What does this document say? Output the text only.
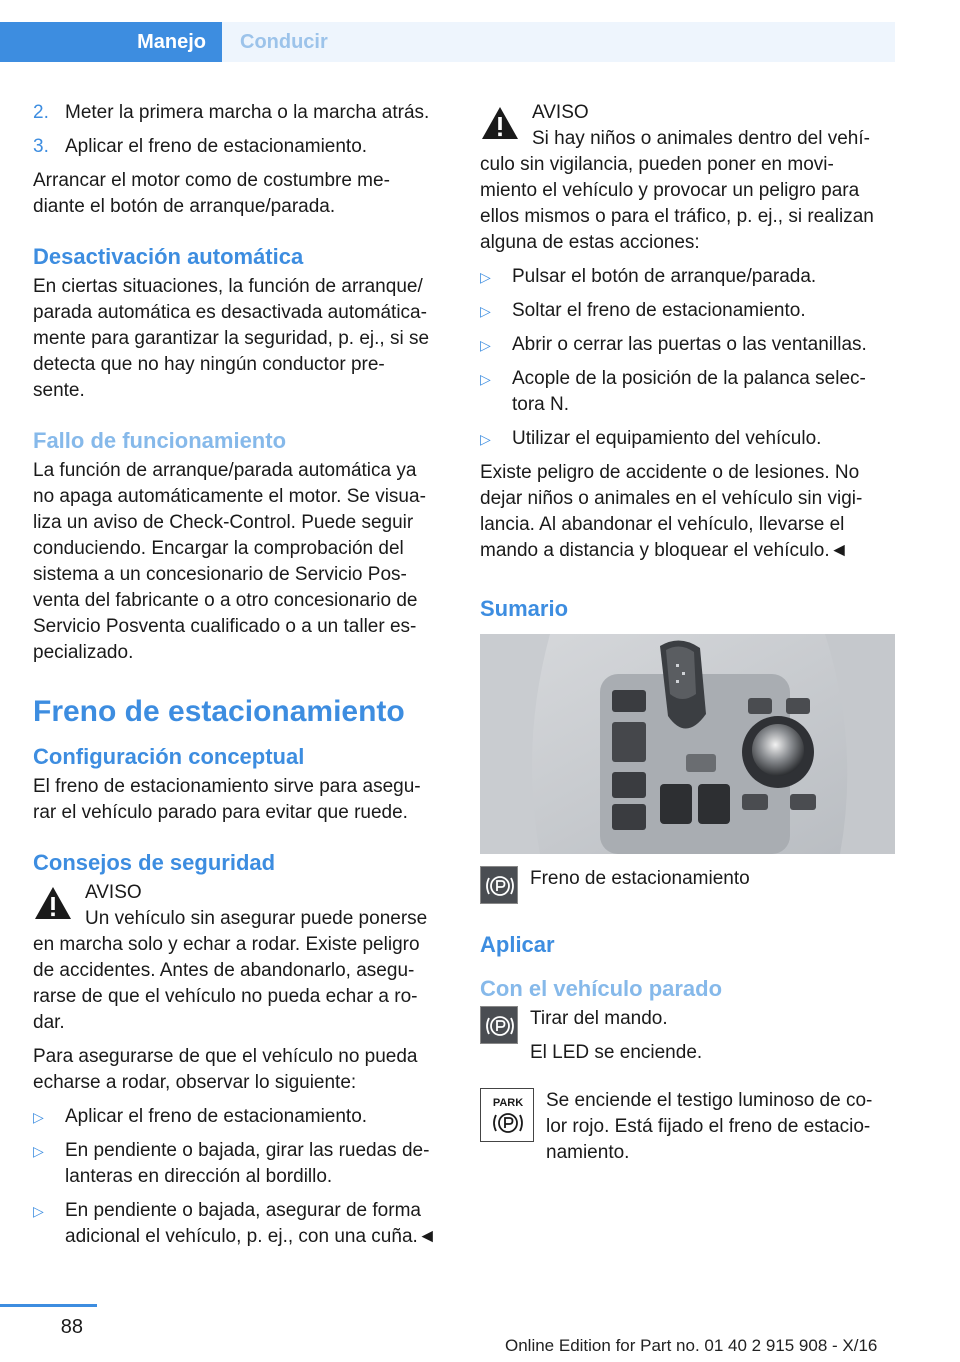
Manejo	Conducir
2. Meter la primera marcha o la marcha atrás.
3. Aplicar el freno de estacionamiento.

Arrancar el motor como de costumbre me‐ diante el botón de arranque/parada.

Desactivación automática

En ciertas situaciones, la función de arranque/ parada automática es desactivada automática‐ mente para garantizar la seguridad, p. ej., si se detecta que no hay ningún conductor pre‐ sente.

Fallo de funcionamiento

La función de arranque/parada automática ya no apaga automáticamente el motor. Se visua‐ liza un aviso de Check-Control. Puede seguir conduciendo. Encargar la comprobación del sistema a un concesionario de Servicio Pos‐ venta del fabricante o a otro concesionario de Servicio Posventa cualificado o a un taller es‐ pecializado.

Freno de estacionamiento
Configuración conceptual

El freno de estacionamiento sirve para asegu‐ rar el vehículo parado para evitar que ruede.

Consejos de seguridad
AVISO

Un vehículo sin asegurar puede ponerse en marcha solo y echar a rodar. Existe peligro de accidentes. Antes de abandonarlo, asegu‐ rarse de que el vehículo no pueda echar a ro‐ dar.

Para asegurarse de que el vehículo no pueda echarse a rodar, observar lo siguiente:

▷	Aplicar el freno de estacionamiento.
▷	En pendiente o bajada, girar las ruedas de‐ lanteras en dirección al bordillo.
▷	En pendiente o bajada, asegurar de forma adicional el vehículo, p. ej., con una cuña.◄
AVISO

Si hay niños o animales dentro del vehí‐ culo sin vigilancia, pueden poner en movi‐ miento el vehículo y provocar un peligro para ellos mismos o para el tráfico, p. ej., si realizan alguna de estas acciones:

▷	Pulsar el botón de arranque/parada.
▷	Soltar el freno de estacionamiento.
▷	Abrir o cerrar las puertas o las ventanillas.
▷	Acople de la posición de la palanca selec‐ tora N.
▷	Utilizar el equipamiento del vehículo.

Existe peligro de accidente o de lesiones. No dejar niños o animales en el vehículo sin vigi‐ lancia. Al abandonar el vehículo, llevarse el mando a distancia y bloquear el vehículo.◄

Sumario
Freno de estacionamiento
Aplicar
Con el vehículo parado

Tirar del mando.

El LED se enciende.

PARK Se enciende el testigo luminoso de co‐ lor rojo. Está fijado el freno de estacio‐ namiento.

88
Online Edition for Part no. 01 40 2 915 908 - X/16
